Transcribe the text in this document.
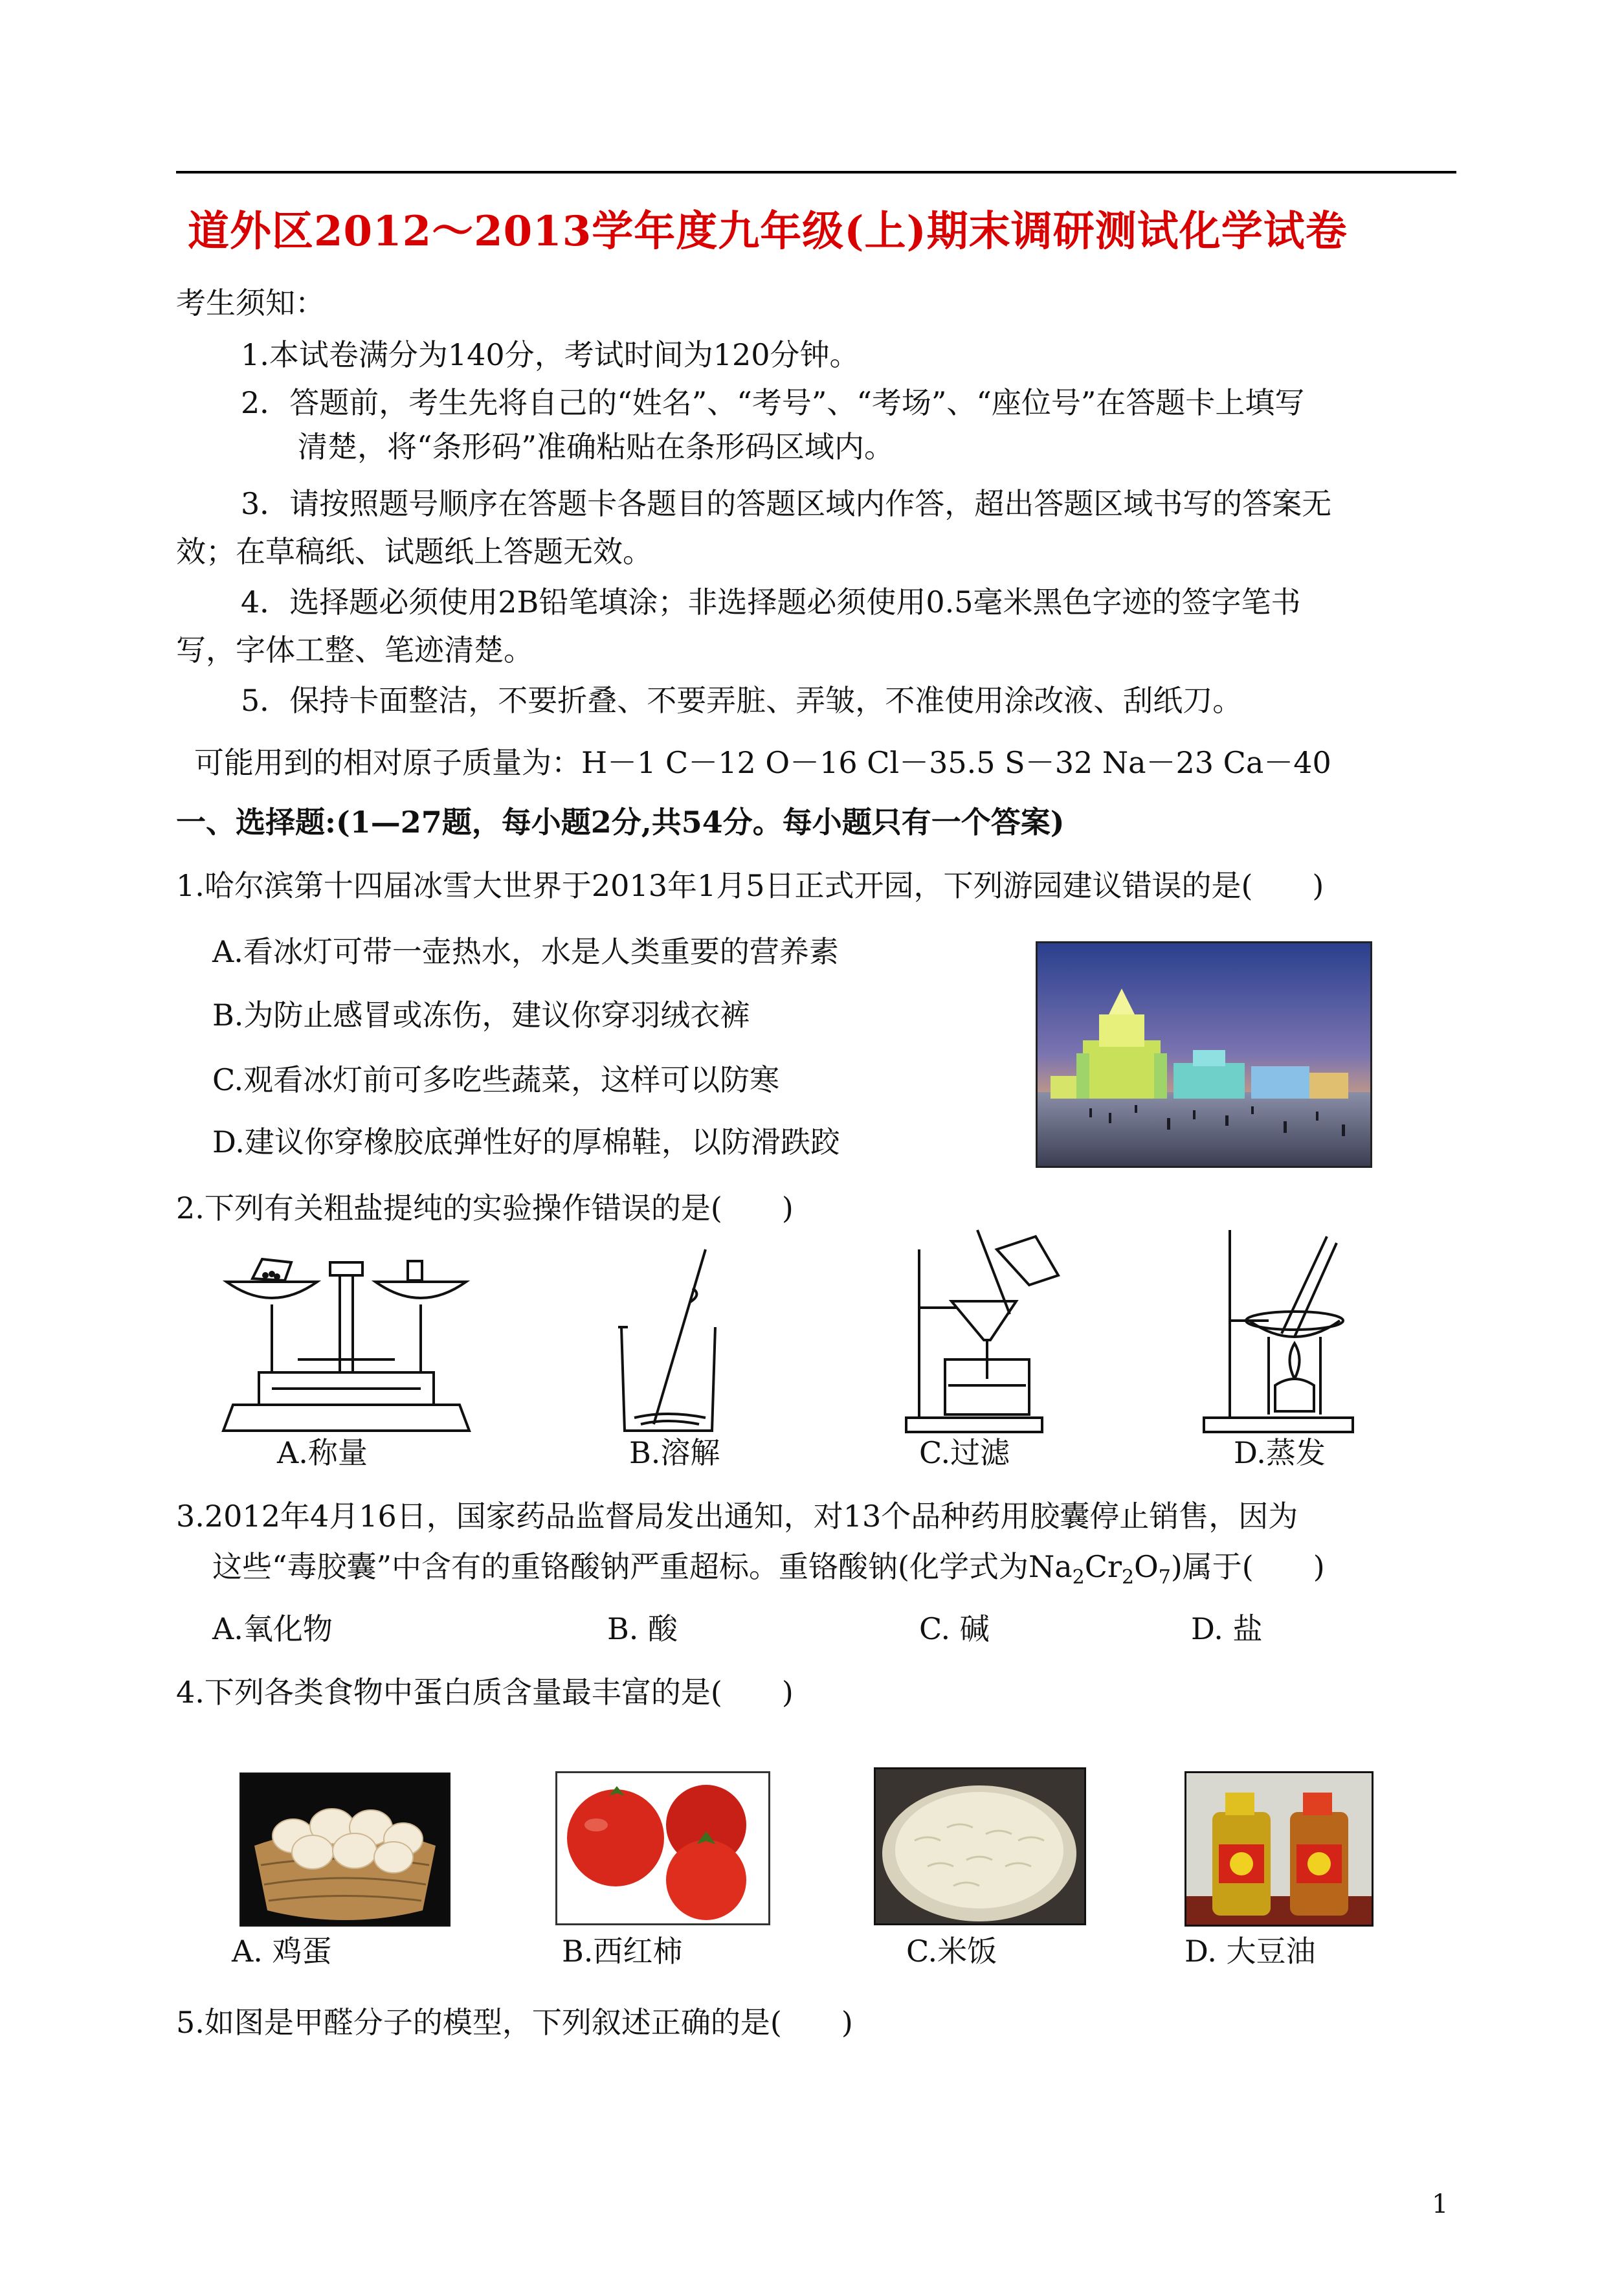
道外区2012～2013学年度九年级(上)期末调研测试化学试卷
考生须知：
1.本试卷满分为140分，考试时间为120分钟。
2．答题前，考生先将自己的“姓名”、“考号”、“考场”、“座位号”在答题卡上填写
清楚，将“条形码”准确粘贴在条形码区域内。
3．请按照题号顺序在答题卡各题目的答题区域内作答，超出答题区域书写的答案无
效；在草稿纸、试题纸上答题无效。
4．选择题必须使用2B铅笔填涂；非选择题必须使用0.5毫米黑色字迹的签字笔书
写，字体工整、笔迹清楚。
5．保持卡面整洁，不要折叠、不要弄脏、弄皱，不准使用涂改液、刮纸刀。
可能用到的相对原子质量为：H－1 C－12 O－16 Cl－35.5 S－32 Na－23 Ca－40
一、选择题:(1—27题，每小题2分,共54分。每小题只有一个答案)
1.哈尔滨第十四届冰雪大世界于2013年1月5日正式开园，下列游园建议错误的是(　　)
A.看冰灯可带一壶热水，水是人类重要的营养素
B.为防止感冒或冻伤，建议你穿羽绒衣裤
C.观看冰灯前可多吃些蔬菜，这样可以防寒
D.建议你穿橡胶底弹性好的厚棉鞋，以防滑跌跤
2.下列有关粗盐提纯的实验操作错误的是(　　)
A.称量	B.溶解	C.过滤	D.蒸发
3.2012年4月16日，国家药品监督局发出通知，对13个品种药用胶囊停止销售，因为
这些“毒胶囊”中含有的重铬酸钠严重超标。重铬酸钠(化学式为$Na_2Cr_2O_7$)属于(　　)
A.氧化物	B. 酸	C. 碱	D. 盐
4.下列各类食物中蛋白质含量最丰富的是(　　)
A. 鸡蛋	B.西红柿	C.米饭	D. 大豆油
5.如图是甲醛分子的模型，下列叙述正确的是(　　)
1
